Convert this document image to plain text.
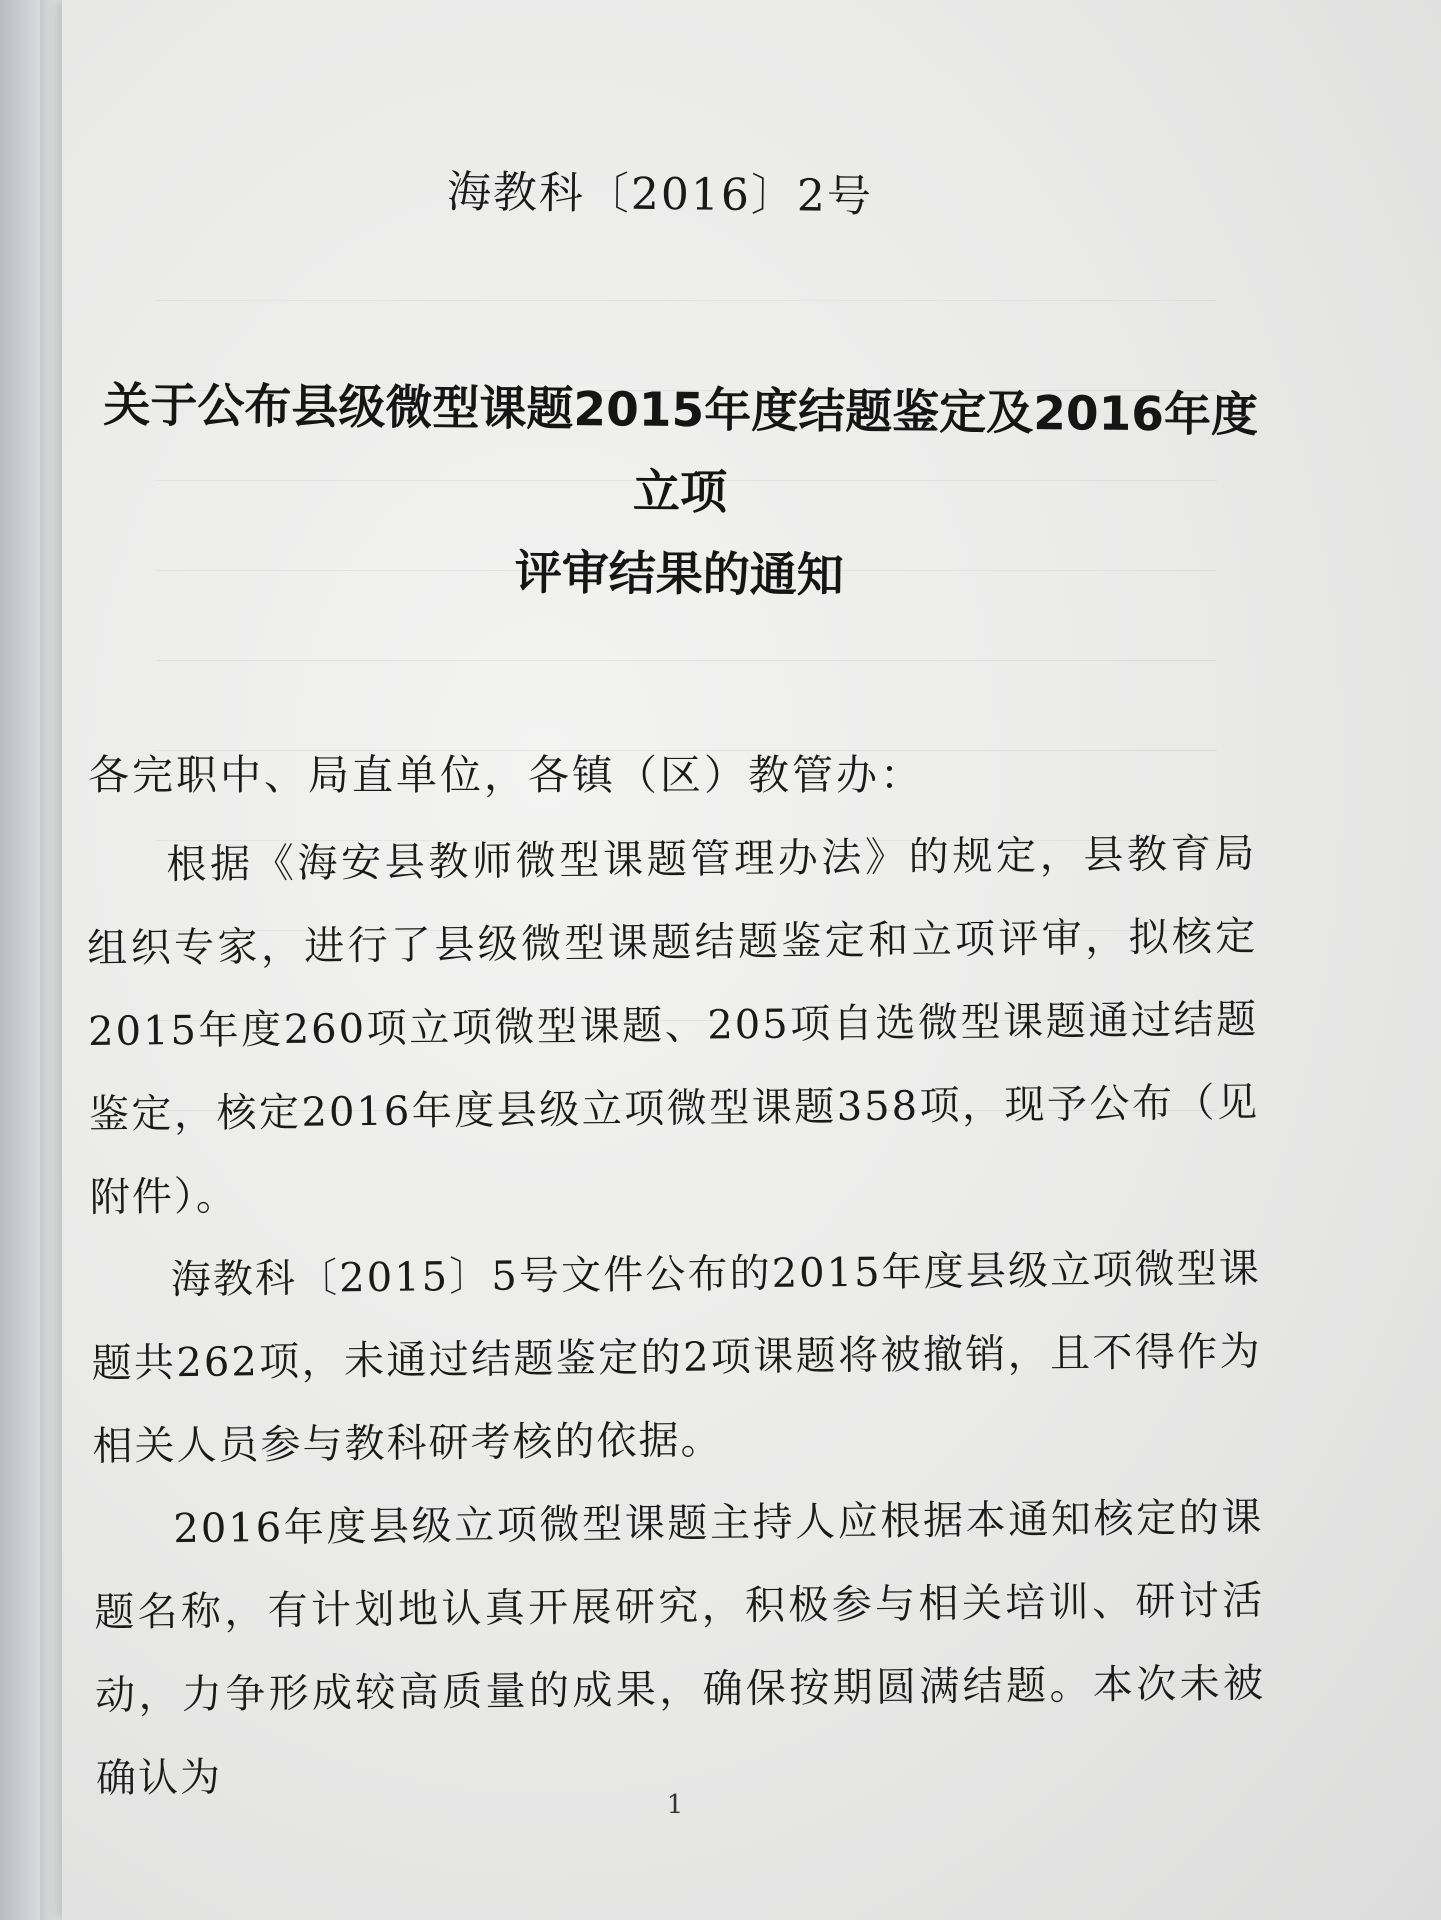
海教科〔2016〕2号
关于公布县级微型课题2015年度结题鉴定及2016年度立项
评审结果的通知
各完职中、局直单位，各镇（区）教管办：

根据《海安县教师微型课题管理办法》的规定，县教育局组织专家，进行了县级微型课题结题鉴定和立项评审，拟核定2015年度260项立项微型课题、205项自选微型课题通过结题鉴定，核定2016年度县级立项微型课题358项，现予公布（见附件）。

海教科〔2015〕5号文件公布的2015年度县级立项微型课题共262项，未通过结题鉴定的2项课题将被撤销，且不得作为相关人员参与教科研考核的依据。

2016年度县级立项微型课题主持人应根据本通知核定的课题名称，有计划地认真开展研究，积极参与相关培训、研讨活动，力争形成较高质量的成果，确保按期圆满结题。本次未被确认为

1
